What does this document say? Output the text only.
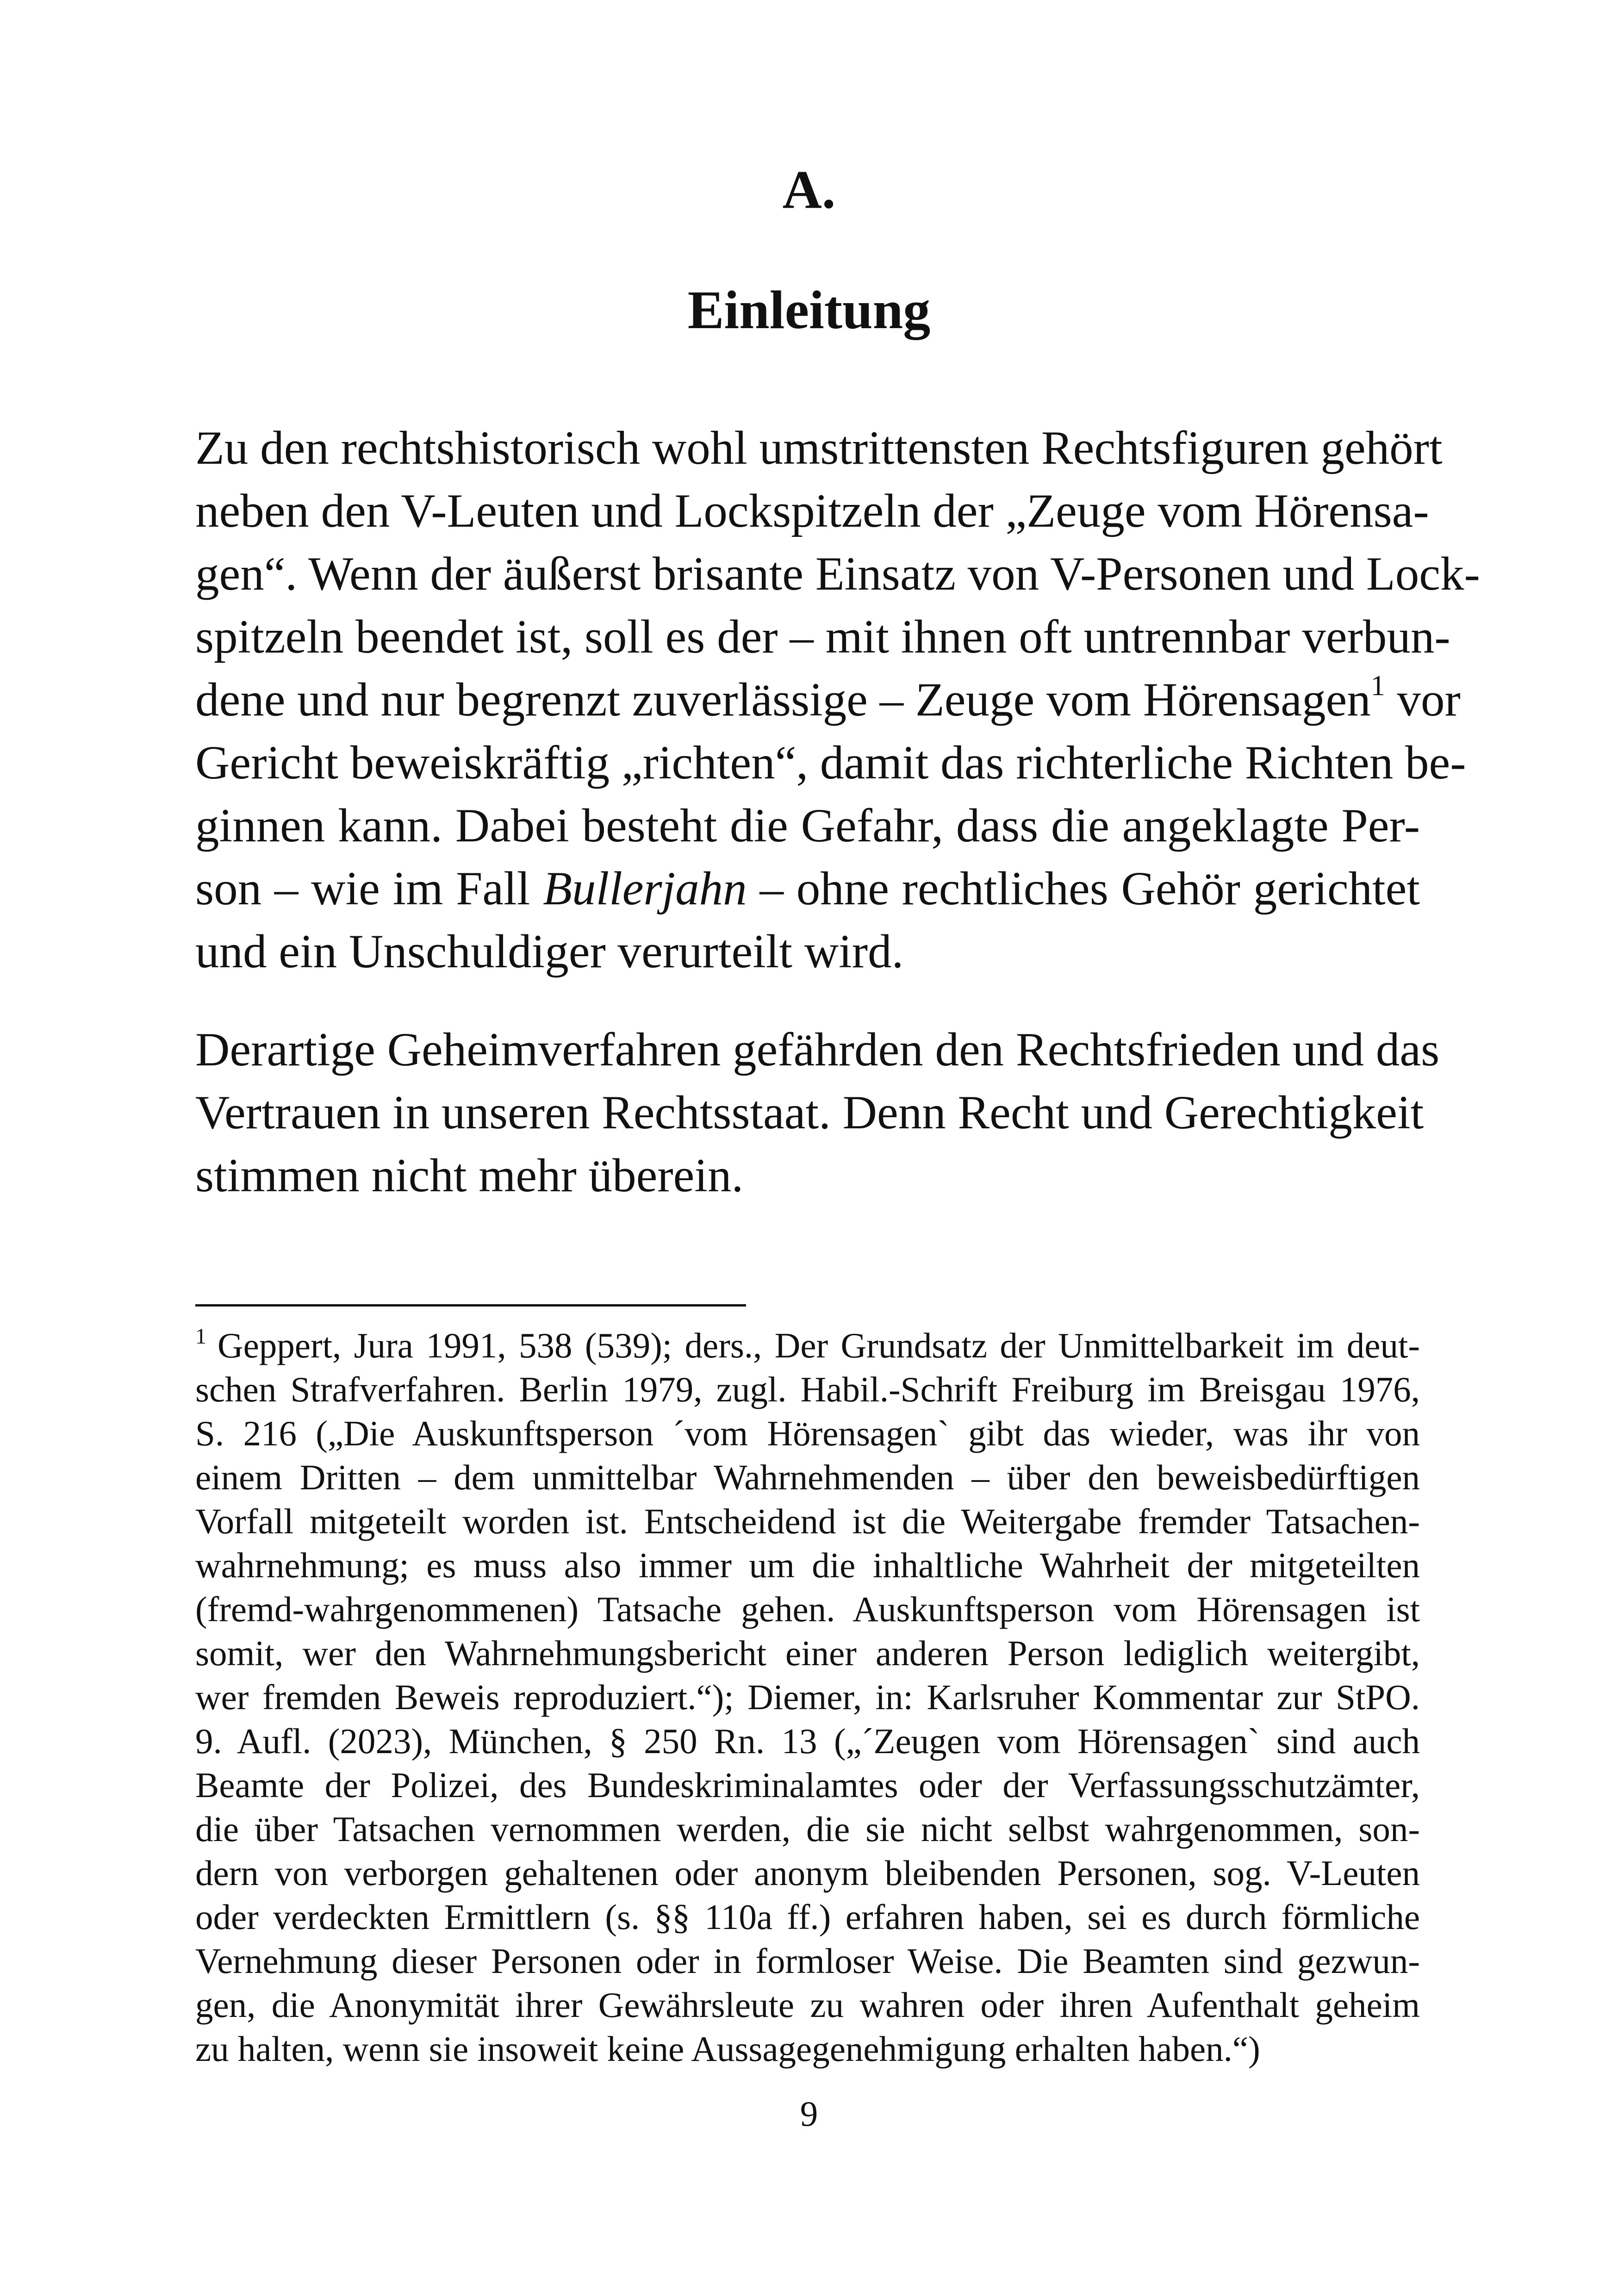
A.
Einleitung
Zu den rechtshistorisch wohl umstrittensten Rechtsfiguren gehört
neben den V-Leuten und Lockspitzeln der „Zeuge vom Hörensa-
gen“. Wenn der äußerst brisante Einsatz von V-Personen und Lock-
spitzeln beendet ist, soll es der – mit ihnen oft untrennbar verbun-
dene und nur begrenzt zuverlässige – Zeuge vom Hörensagen$^1$ vor
Gericht beweiskräftig „richten“, damit das richterliche Richten be-
ginnen kann. Dabei besteht die Gefahr, dass die angeklagte Per-
son – wie im Fall Bullerjahn – ohne rechtliches Gehör gerichtet
und ein Unschuldiger verurteilt wird.
Derartige Geheimverfahren gefährden den Rechtsfrieden und das
Vertrauen in unseren Rechtsstaat. Denn Recht und Gerechtigkeit
stimmen nicht mehr überein.
$^1$ Geppert, Jura 1991, 538 (539); ders., Der Grundsatz der Unmittelbarkeit im deut-
schen Strafverfahren. Berlin 1979, zugl. Habil.-Schrift Freiburg im Breisgau 1976,
S. 216 („Die Auskunftsperson ´vom Hörensagen` gibt das wieder, was ihr von
einem Dritten – dem unmittelbar Wahrnehmenden – über den beweisbedürftigen
Vorfall mitgeteilt worden ist. Entscheidend ist die Weitergabe fremder Tatsachen-
wahrnehmung; es muss also immer um die inhaltliche Wahrheit der mitgeteilten
(fremd-wahrgenommenen) Tatsache gehen. Auskunftsperson vom Hörensagen ist
somit, wer den Wahrnehmungsbericht einer anderen Person lediglich weitergibt,
wer fremden Beweis reproduziert.“); Diemer, in: Karlsruher Kommentar zur StPO.
9. Aufl. (2023), München, § 250 Rn. 13 („´Zeugen vom Hörensagen` sind auch
Beamte der Polizei, des Bundeskriminalamtes oder der Verfassungsschutzämter,
die über Tatsachen vernommen werden, die sie nicht selbst wahrgenommen, son-
dern von verborgen gehaltenen oder anonym bleibenden Personen, sog. V-Leuten
oder verdeckten Ermittlern (s. §§ 110a ff.) erfahren haben, sei es durch förmliche
Vernehmung dieser Personen oder in formloser Weise. Die Beamten sind gezwun-
gen, die Anonymität ihrer Gewährsleute zu wahren oder ihren Aufenthalt geheim
zu halten, wenn sie insoweit keine Aussagegenehmigung erhalten haben.“)
9
